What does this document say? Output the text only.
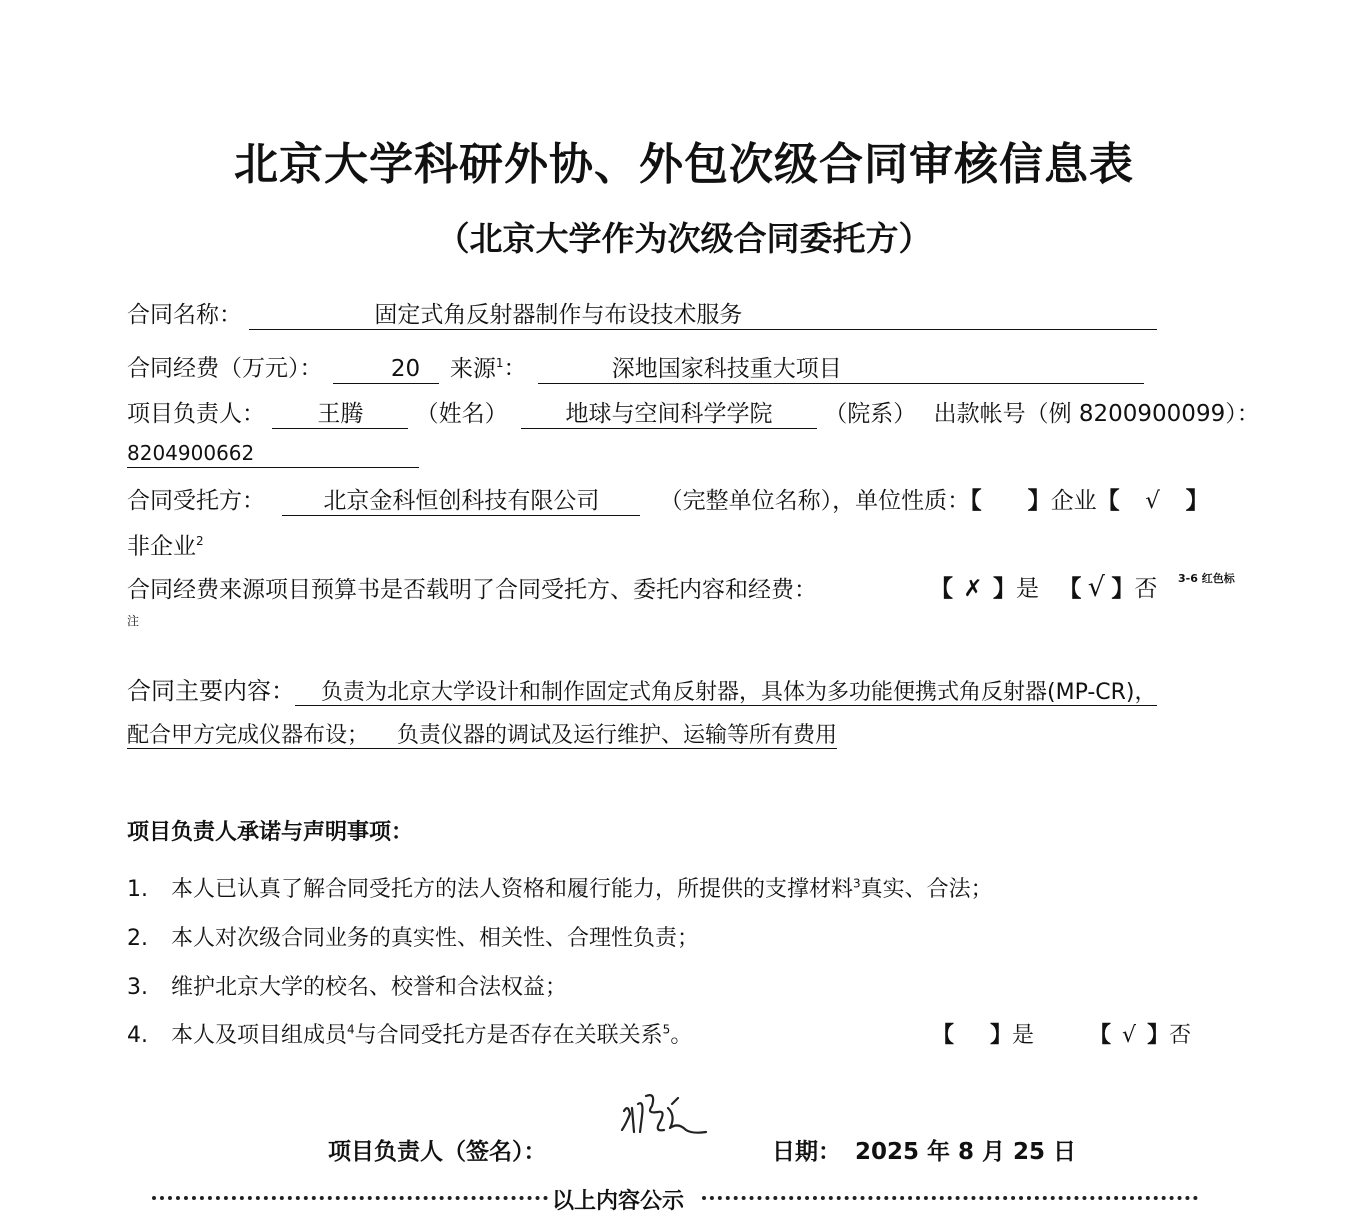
北京大学科研外协、外包次级合同审核信息表
（北京大学作为次级合同委托方）
合同名称：	固定式角反射器制作与布设技术服务
合同经费（万元）：	20 来源$^1$：	深地国家科技重大项目
项目负责人： 王腾 （姓名）	地球与空间科学学院 （院系） 出款帐号（例 8200900099）：
8204900662
合同受托方：	北京金科恒创科技有限公司	（完整单位名称），单位性质：【 】企业【 √ 】
非企业$^2$
合同经费来源项目预算书是否载明了合同受托方、委托内容和经费：	【 ✗ 】是 【 √ 】否 3-6 红色标
注
合同主要内容： 负责为北京大学设计和制作固定式角反射器，具体为多功能便携式角反射器(MP-CR)，
配合甲方完成仪器布设；    负责仪器的调试及运行维护、运输等所有费用
项目负责人承诺与声明事项：
1. 本人已认真了解合同受托方的法人资格和履行能力，所提供的支撑材料$^3$真实、合法；
2. 本人对次级合同业务的真实性、相关性、合理性负责；
3. 维护北京大学的校名、校誉和合法权益；
4. 本人及项目组成员$^4$与合同受托方是否存在关联关系$^5$。	【 】是	【 √ 】否
项目负责人（签名）：	日期： 2025 年 8 月 25 日
以上内容公示
